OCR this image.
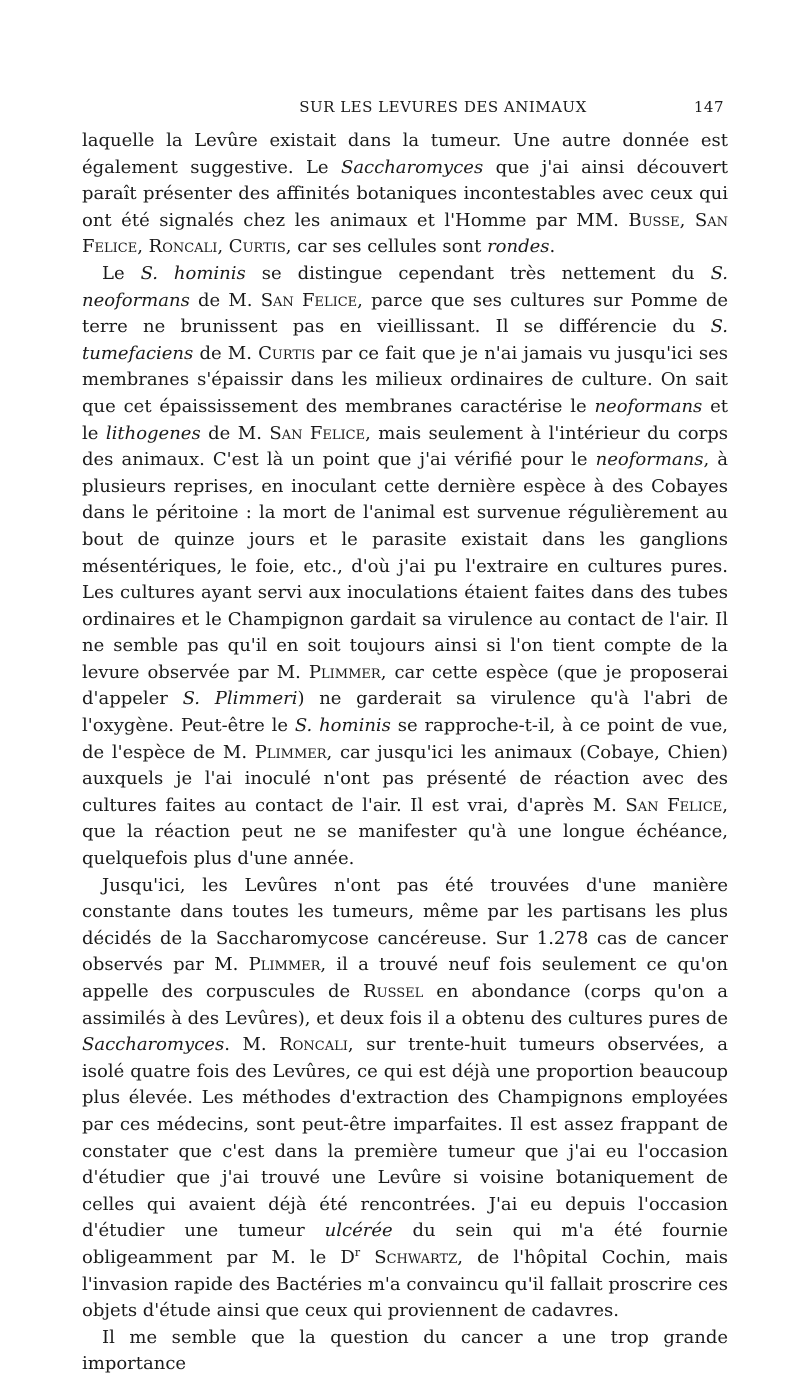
SUR LES LEVURES DES ANIMAUX	147

laquelle la Levûre existait dans la tumeur. Une autre donnée est également suggestive. Le Saccharomyces que j'ai ainsi découvert paraît présenter des affinités botaniques incontestables avec ceux qui ont été signalés chez les animaux et l'Homme par MM. Busse, San Felice, Roncali, Curtis, car ses cellules sont rondes.

Le S. hominis se distingue cependant très nettement du S. neoformans de M. San Felice, parce que ses cultures sur Pomme de terre ne brunissent pas en vieillissant. Il se différencie du S. tumefaciens de M. Curtis par ce fait que je n'ai jamais vu jusqu'ici ses membranes s'épaissir dans les milieux ordinaires de culture. On sait que cet épaississement des membranes caractérise le neoformans et le lithogenes de M. San Felice, mais seulement à l'intérieur du corps des animaux. C'est là un point que j'ai vérifié pour le neoformans, à plusieurs reprises, en inoculant cette dernière espèce à des Cobayes dans le péritoine : la mort de l'animal est survenue régulièrement au bout de quinze jours et le parasite existait dans les ganglions mésentériques, le foie, etc., d'où j'ai pu l'extraire en cultures pures. Les cultures ayant servi aux inoculations étaient faites dans des tubes ordinaires et le Champignon gardait sa virulence au contact de l'air. Il ne semble pas qu'il en soit toujours ainsi si l'on tient compte de la levure observée par M. Plimmer, car cette espèce (que je proposerai d'appeler S. Plimmeri) ne garderait sa virulence qu'à l'abri de l'oxygène. Peut-être le S. hominis se rapproche-t-il, à ce point de vue, de l'espèce de M. Plimmer, car jusqu'ici les animaux (Cobaye, Chien) auxquels je l'ai inoculé n'ont pas présenté de réaction avec des cultures faites au contact de l'air. Il est vrai, d'après M. San Felice, que la réaction peut ne se manifester qu'à une longue échéance, quelquefois plus d'une année.

Jusqu'ici, les Levûres n'ont pas été trouvées d'une manière constante dans toutes les tumeurs, même par les partisans les plus décidés de la Saccharomycose cancéreuse. Sur 1.278 cas de cancer observés par M. Plimmer, il a trouvé neuf fois seulement ce qu'on appelle des corpuscules de Russel en abondance (corps qu'on a assimilés à des Levûres), et deux fois il a obtenu des cultures pures de Saccharomyces. M. Roncali, sur trente-huit tumeurs observées, a isolé quatre fois des Levûres, ce qui est déjà une proportion beaucoup plus élevée. Les méthodes d'extraction des Champignons employées par ces médecins, sont peut-être imparfaites. Il est assez frappant de constater que c'est dans la première tumeur que j'ai eu l'occasion d'étudier que j'ai trouvé une Levûre si voisine botaniquement de celles qui avaient déjà été rencontrées. J'ai eu depuis l'occasion d'étudier une tumeur ulcérée du sein qui m'a été fournie obligeamment par M. le $D^r$ Schwartz, de l'hôpital Cochin, mais l'invasion rapide des Bactéries m'a convaincu qu'il fallait proscrire ces objets d'étude ainsi que ceux qui proviennent de cadavres.

Il me semble que la question du cancer a une trop grande importance
